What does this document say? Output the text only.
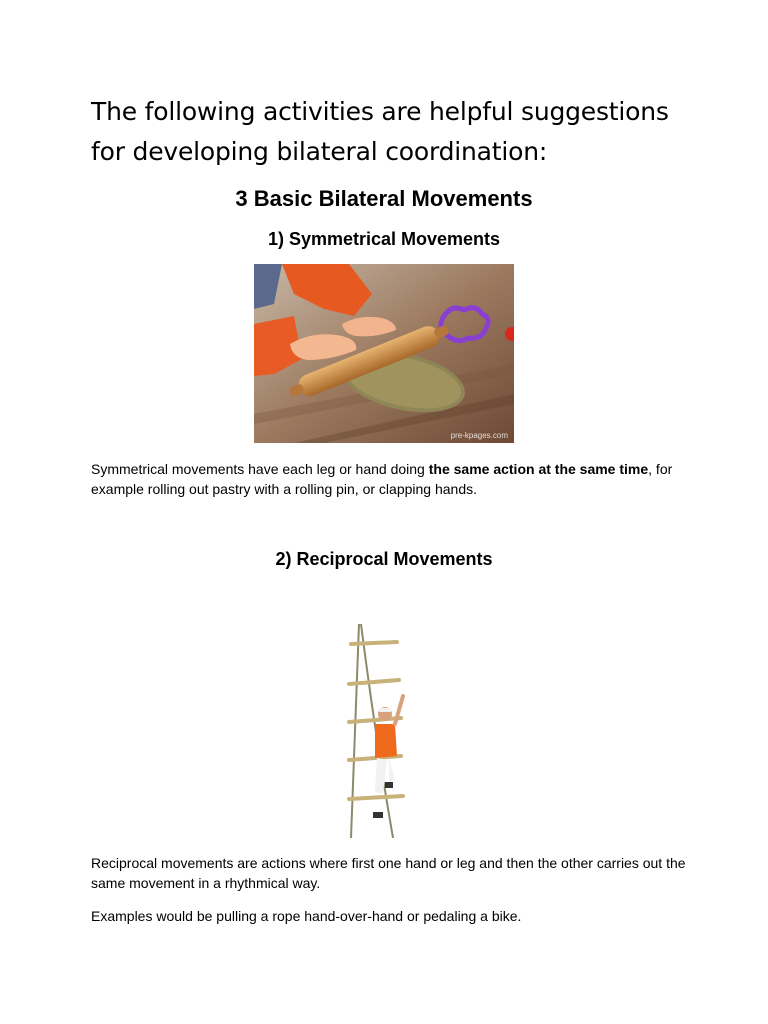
The following activities are helpful suggestions for developing bilateral coordination:

3 Basic Bilateral Movements
1) Symmetrical Movements
pre-kpages.com

Symmetrical movements have each leg or hand doing the same action at the same time, for example rolling out pastry with a rolling pin, or clapping hands.

2) Reciprocal Movements

Reciprocal movements are actions where first one hand or leg and then the other carries out the same movement in a rhythmical way.

Examples would be pulling a rope hand-over-hand or pedaling a bike.
